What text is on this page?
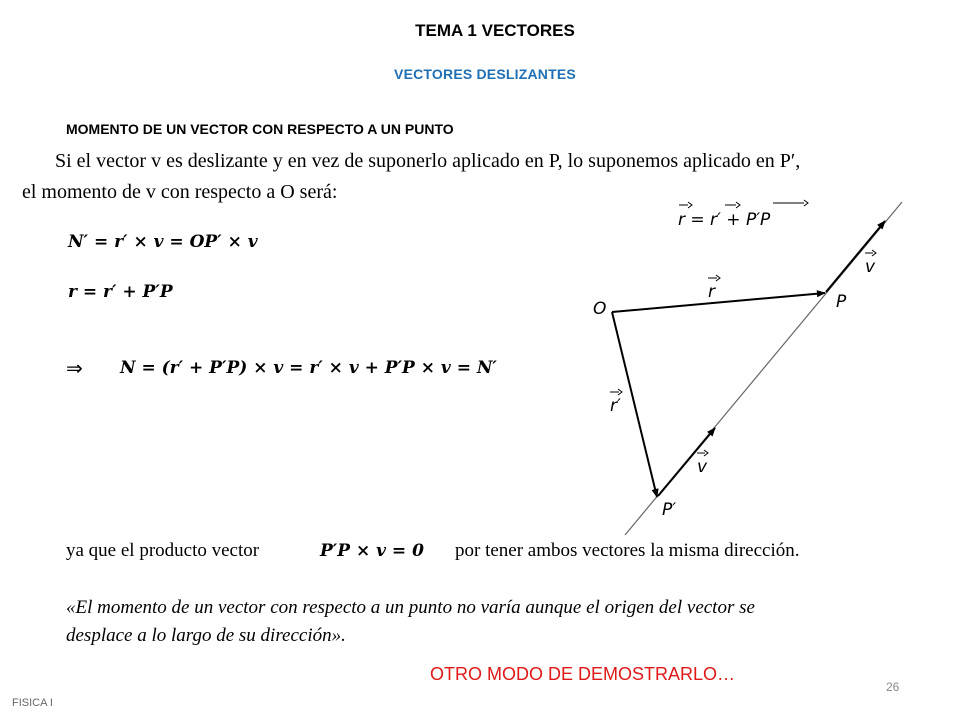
TEMA 1 VECTORES
VECTORES DESLIZANTES
MOMENTO DE UN VECTOR CON RESPECTO A UN PUNTO
Si el vector v es deslizante y en vez de suponerlo aplicado en P, lo suponemos aplicado en P′,
el momento de v con respecto a O será:
N′ = r′ × v = OP′ × v
r = r′ + P′P
⇒ N = (r′ + P′P) × v = r′ × v + P′P × v = N′
r = r′ + P′P
O	P
P′
r
r′
v
v
ya que el producto vector	P′P × v = 0 por tener ambos vectores la misma dirección.
«El momento de un vector con respecto a un punto no varía aunque el origen del vector se
desplace a lo largo de su dirección».
OTRO MODO DE DEMOSTRARLO…
26
FISICA I
